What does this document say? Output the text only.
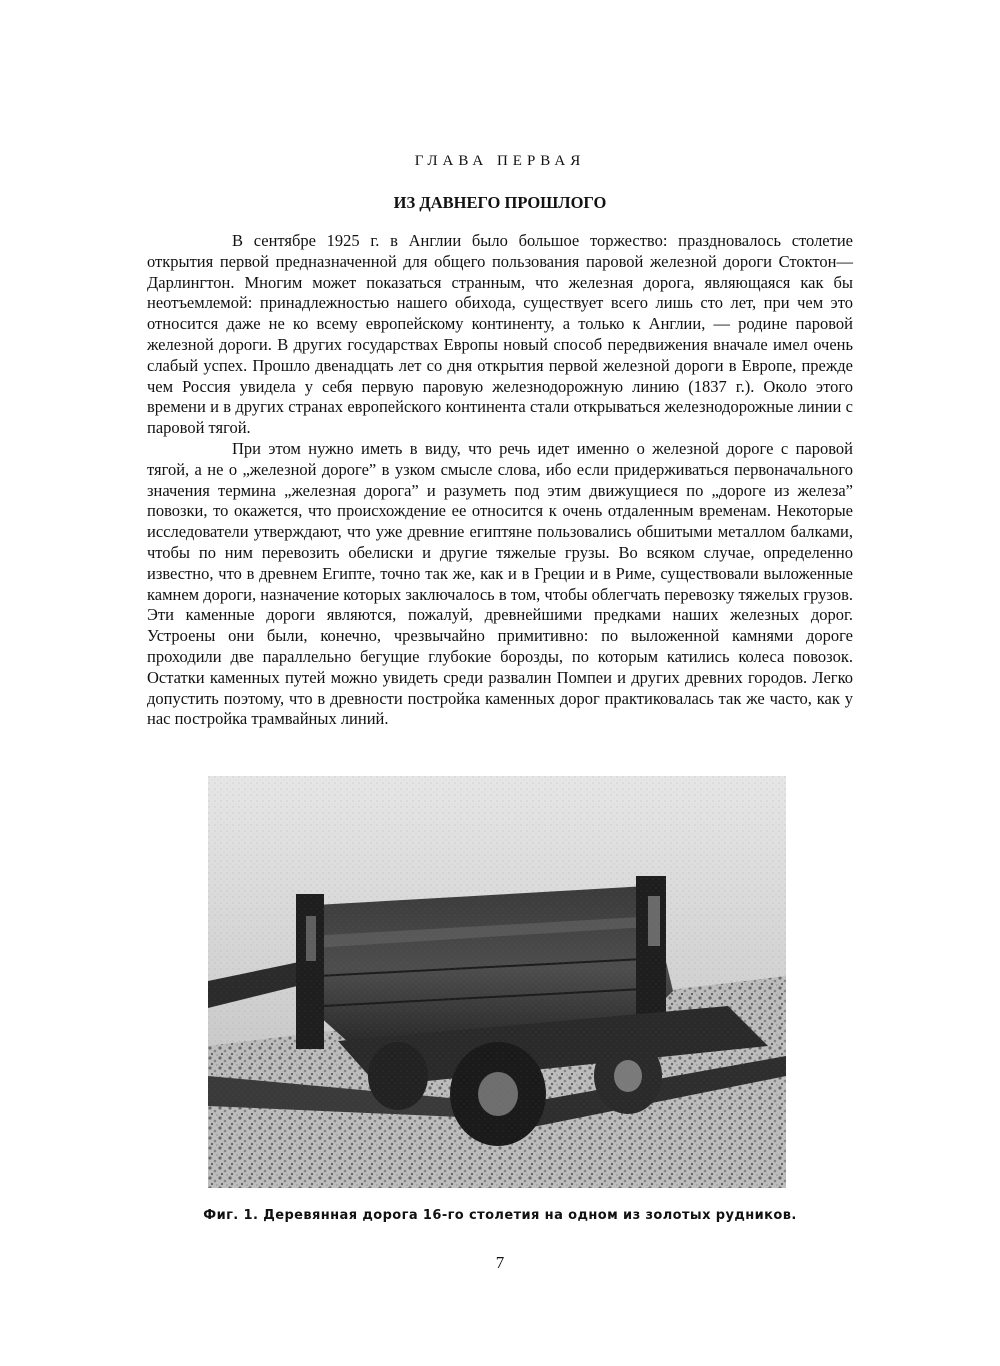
ГЛАВА ПЕРВАЯ
ИЗ ДАВНЕГО ПРОШЛОГО

В сентябре 1925 г. в Англии было большое торжество: праздновалось столетие открытия первой предназначенной для общего пользования паровой железной дороги Стоктон—Дарлингтон. Многим может показаться странным, что железная дорога, являющаяся как бы неотъемлемой: принадлежностью нашего обихода, существует всего лишь сто лет, при чем это относится даже не ко всему европейскому континенту, а только к Англии, — родине паровой железной дороги. В других государствах Европы новый способ передвижения вначале имел очень слабый успех. Прошло двенадцать лет со дня открытия первой железной дороги в Европе, прежде чем Россия увидела у себя первую паровую железнодорожную линию (1837 г.). Около этого времени и в других странах европейского континента стали открываться железнодорожные линии с паровой тягой.

При этом нужно иметь в виду, что речь идет именно о железной дороге с паровой тягой, а не о „железной дороге” в узком смысле слова, ибо если придерживаться первоначального значения термина „железная дорога” и разуметь под этим движущиеся по „дороге из железа” повозки, то окажется, что происхождение ее относится к очень отдаленным временам. Некоторые исследователи утверждают, что уже древние египтяне пользовались обшитыми металлом балками, чтобы по ним перевозить обелиски и другие тяжелые грузы. Во всяком случае, определенно известно, что в древнем Египте, точно так же, как и в Греции и в Риме, существовали выложенные камнем дороги, назначение которых заключалось в том, чтобы облегчать перевозку тяжелых грузов. Эти каменные дороги являются, пожалуй, древнейшими предками наших железных дорог. Устроены они были, конечно, чрезвычайно примитивно: по выложенной камнями дороге проходили две параллельно бегущие глубокие борозды, по которым катились колеса повозок. Остатки каменных путей можно увидеть среди развалин Помпеи и других древних городов. Легко допустить поэтому, что в древности постройка каменных дорог практиковалась так же часто, как у нас постройка трамвайных линий.

Фиг. 1. Деревянная дорога 16-го столетия на одном из золотых рудников.
7
